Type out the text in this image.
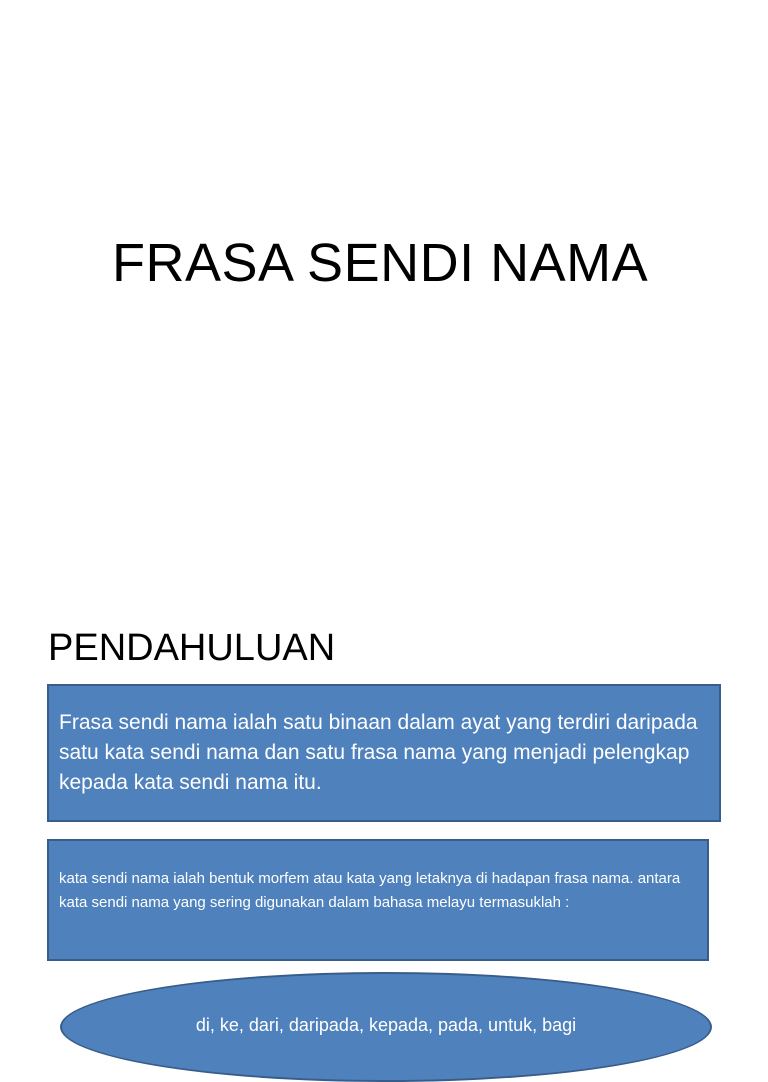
FRASA SENDI NAMA
PENDAHULUAN
Frasa sendi nama ialah satu binaan dalam ayat yang terdiri daripada satu kata sendi nama dan satu frasa nama yang menjadi pelengkap kepada kata sendi nama itu.
kata sendi nama ialah bentuk morfem atau kata yang letaknya di hadapan frasa nama. antara kata sendi nama yang sering digunakan dalam bahasa melayu termasuklah :
di, ke, dari, daripada, kepada, pada, untuk, bagi
